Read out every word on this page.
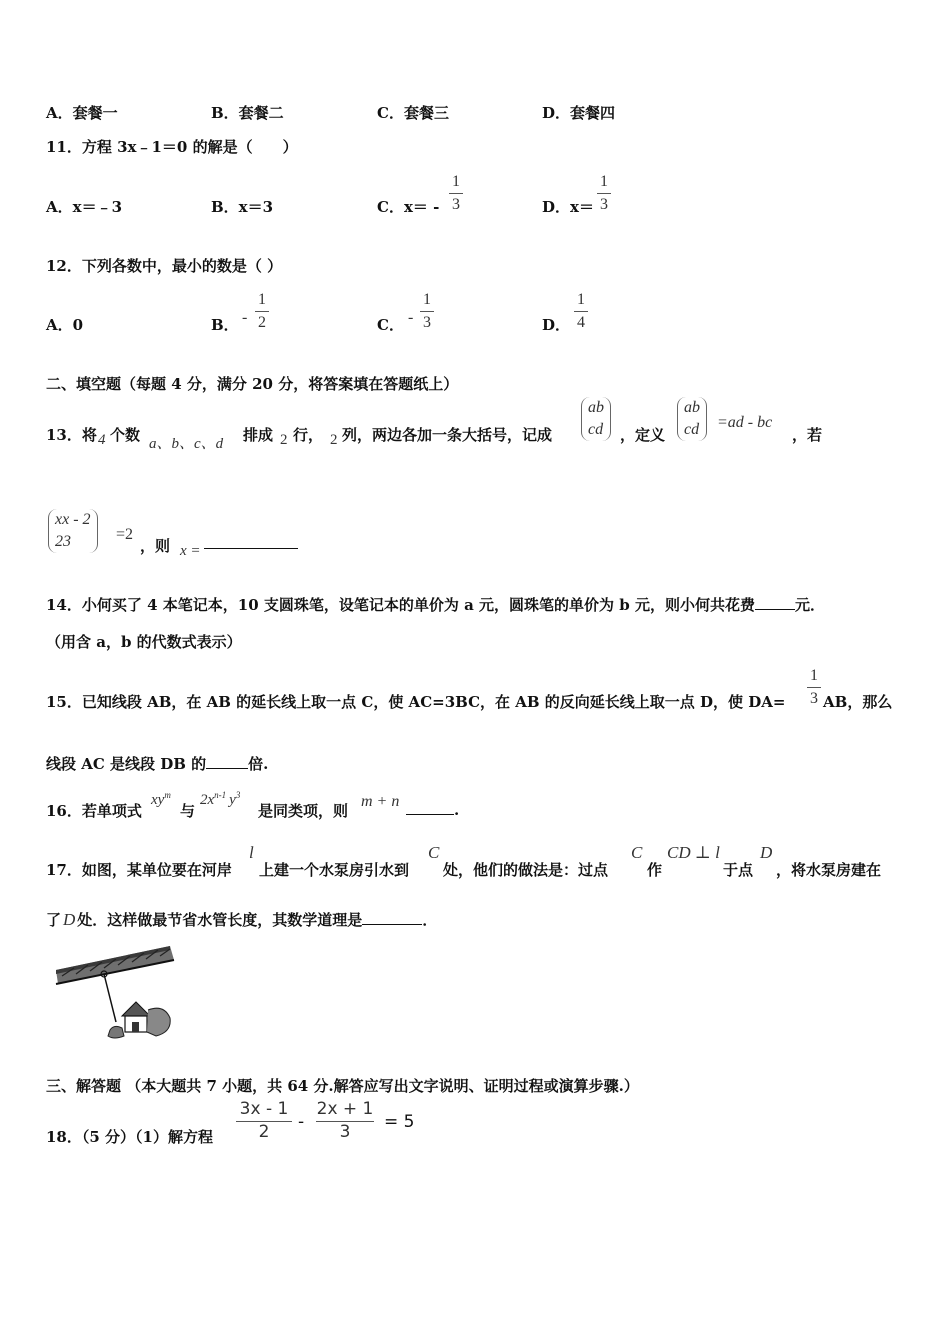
A．套餐一	B．套餐二	C．套餐三	D．套餐四
11．方程 3x﹣1＝0 的解是（　　）
A．x＝﹣3	B．x＝3	C．x＝ -
1
3	D．x＝
1
3
12．下列各数中，最小的数是（ ）
A．0	B． -
1
2	C． -
1
3	D．
1
4
二、填空题（每题 4 分，满分 20 分，将答案填在答题纸上）
13．将 4 个数 a、b、c、d 排成 2 行， 2 列，两边各加一条大括号，记成
ab
cd ，定义
ab
cd =ad - bc
，若
xx - 2
23	=2
，则 x =
14．小何买了 4 本笔记本，10 支圆珠笔，设笔记本的单价为 a 元，圆珠笔的单价为 b 元，则小何共花费	元．
（用含 a，b 的代数式表示）
15．已知线段 AB，在 AB 的延长线上取一点 C，使 AC=3BC，在 AB 的反向延长线上取一点 D，使 DA=
1
3 AB，那么
线段 AC 是线段 DB 的	倍.
16．若单项式
$xy^m$
与
$2x^{n-1}$ $y^3$
是同类项，则
m + n	.
17．如图，某单位要在河岸
l
上建一个水泵房引水到
C
处，他们的做法是：过点
C
作
CD ⊥ l
于点
D
，将水泵房建在
了 D 处．这样做最节省水管长度，其数学道理是	．
三、解答题 （本大题共 7 小题，共 64 分.解答应写出文字说明、证明过程或演算步骤.）
18．（5 分）（1）解方程
3x - 1
2	-
2x + 1
3	= 5
